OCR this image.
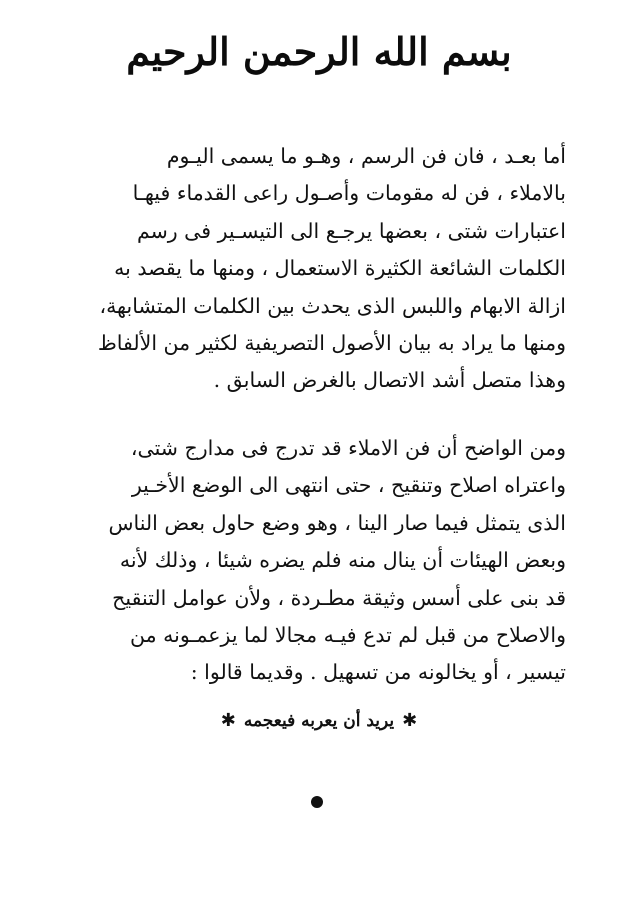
بسم الله الرحمن الرحيم
أما بعـد ، فان فن الرسم ، وهـو ما يسمى اليـوم
بالاملاء ، فن له مقومات وأصـول راعى القدماء فيهـا
اعتبارات شتى ، بعضها يرجـع الى التيسـير فى رسم
الكلمات الشائعة الكثيرة الاستعمال ، ومنها ما يقصد به
ازالة الابهام واللبس الذى يحدث بين الكلمات المتشابهة،
ومنها ما يراد به بيان الأصول التصريفية لكثير من الألفاظ
وهذا متصل أشد الاتصال بالغرض السابق .
ومن الواضح أن فن الاملاء قد تدرج فى مدارج شتى،
واعتراه اصلاح وتنقيح ، حتى انتهى الى الوضع الأخـير
الذى يتمثل فيما صار الينا ، وهو وضع حاول بعض الناس
وبعض الهيئات أن ينال منه فلم يضره شيئا ، وذلك لأنه
قد بنى على أسس وثيقة مطـردة ، ولأن عوامل التنقيح
والاصلاح من قبل لم تدع فيـه مجالا لما يزعمـونه من
تيسير ، أو يخالونه من تسهيل . وقديما قالوا :
✱يريد أن يعربه فيعجمه✱
